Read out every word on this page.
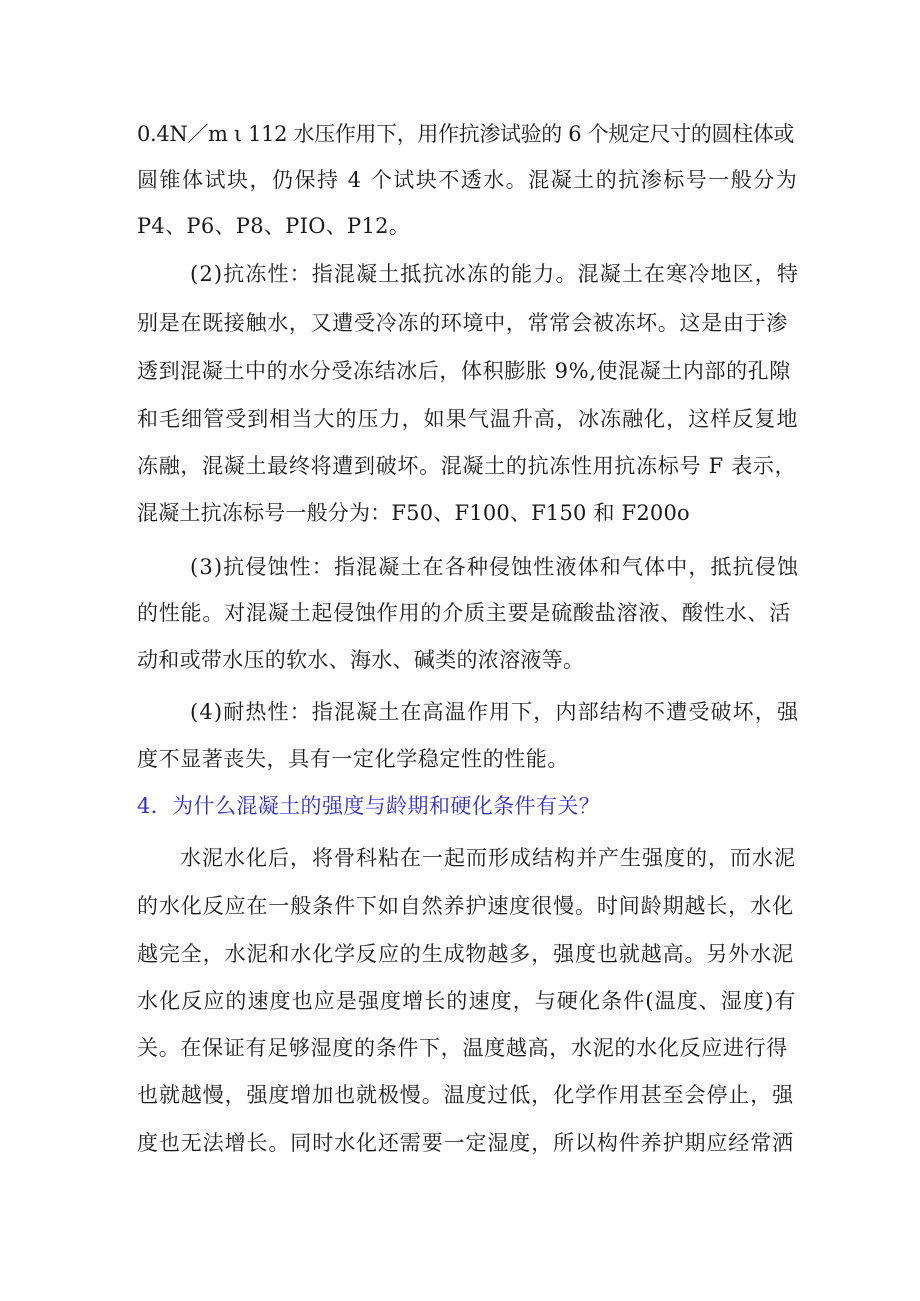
0.4N／m ι 112 水压作用下，用作抗渗试验的 6 个规定尺寸的圆柱体或
圆锥体试块，仍保持 4 个试块不透水。混凝土的抗渗标号一般分为
P4、P6、P8、PIO、P12。
(2)抗冻性：指混凝土抵抗冰冻的能力。混凝土在寒冷地区，特
别是在既接触水，又遭受冷冻的环境中，常常会被冻坏。这是由于渗
透到混凝土中的水分受冻结冰后，体积膨胀 9%,使混凝土内部的孔隙
和毛细管受到相当大的压力，如果气温升高，冰冻融化，这样反复地
冻融，混凝土最终将遭到破坏。混凝土的抗冻性用抗冻标号 F 表示，
混凝土抗冻标号一般分为：F50、F100、F150 和 F200o
(3)抗侵蚀性：指混凝土在各种侵蚀性液体和气体中，抵抗侵蚀
的性能。对混凝土起侵蚀作用的介质主要是硫酸盐溶液、酸性水、活
动和或带水压的软水、海水、碱类的浓溶液等。
(4)耐热性：指混凝土在高温作用下，内部结构不遭受破坏，强
度不显著丧失，具有一定化学稳定性的性能。
4．为什么混凝土的强度与龄期和硬化条件有关？
水泥水化后，将骨科粘在一起而形成结构并产生强度的，而水泥
的水化反应在一般条件下如自然养护速度很慢。时间龄期越长，水化
越完全，水泥和水化学反应的生成物越多，强度也就越高。另外水泥
水化反应的速度也应是强度增长的速度，与硬化条件(温度、湿度)有
关。在保证有足够湿度的条件下，温度越高，水泥的水化反应进行得
也就越慢，强度增加也就极慢。温度过低，化学作用甚至会停止，强
度也无法增长。同时水化还需要一定湿度，所以构件养护期应经常洒
